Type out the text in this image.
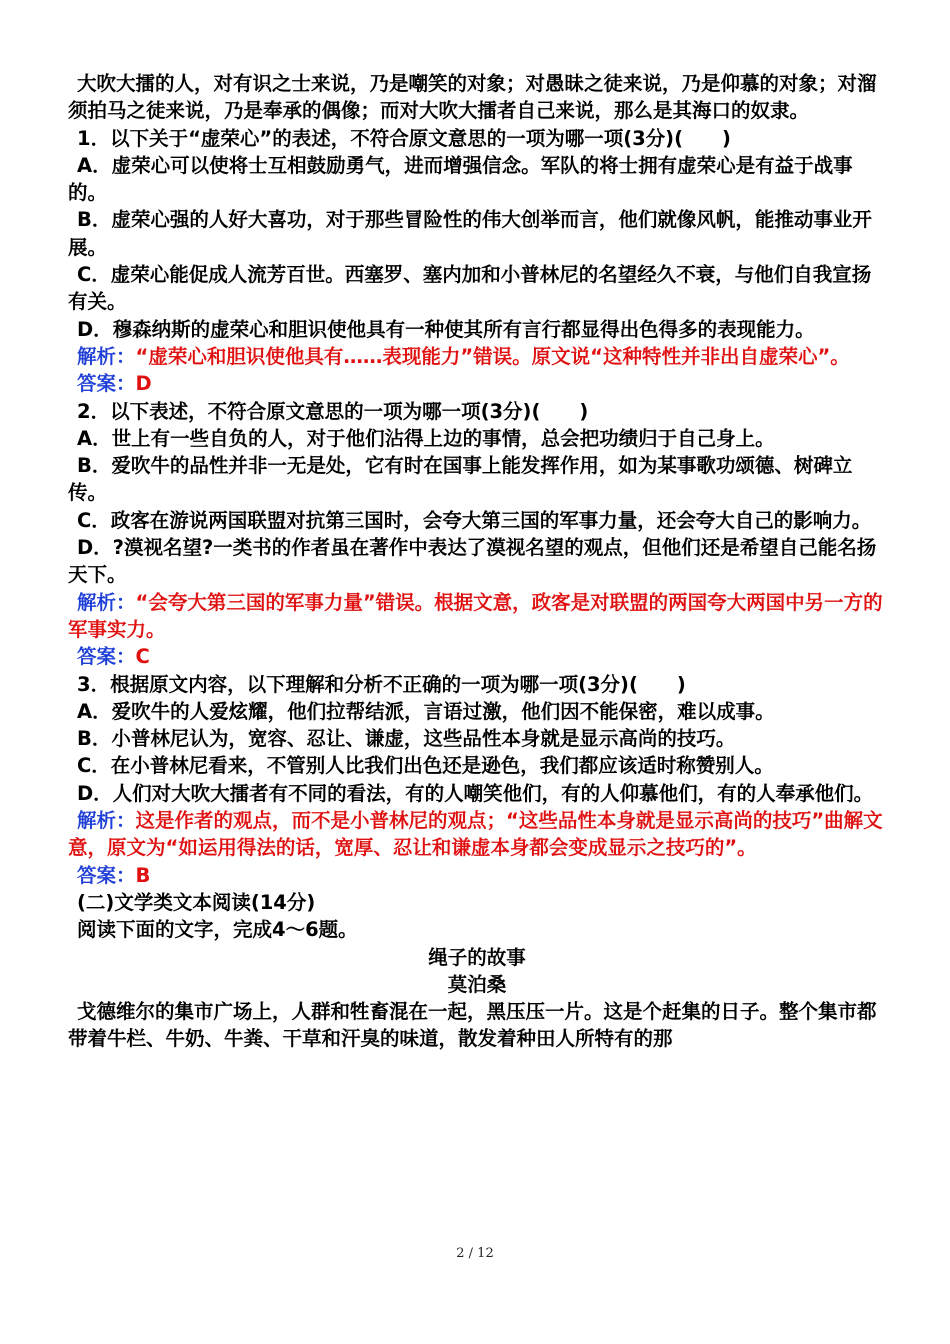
大吹大擂的人，对有识之士来说，乃是嘲笑的对象；对愚昧之徒来说，乃是仰慕的对象；对溜须拍马之徒来说，乃是奉承的偶像；而对大吹大擂者自己来说，那么是其海口的奴隶。

1．以下关于“虚荣心”的表述，不符合原文意思的一项为哪一项(3分)(　　)

A．虚荣心可以使将士互相鼓励勇气，进而增强信念。军队的将士拥有虚荣心是有益于战事的。

B．虚荣心强的人好大喜功，对于那些冒险性的伟大创举而言，他们就像风帆，能推动事业开展。

C．虚荣心能促成人流芳百世。西塞罗、塞内加和小普林尼的名望经久不衰，与他们自我宣扬有关。

D．穆森纳斯的虚荣心和胆识使他具有一种使其所有言行都显得出色得多的表现能力。

解析：“虚荣心和胆识使他具有……表现能力”错误。原文说“这种特性并非出自虚荣心”。

答案：D

2．以下表述，不符合原文意思的一项为哪一项(3分)(　　)

A．世上有一些自负的人，对于他们沾得上边的事情，总会把功绩归于自己身上。

B．爱吹牛的品性并非一无是处，它有时在国事上能发挥作用，如为某事歌功颂德、树碑立传。

C．政客在游说两国联盟对抗第三国时，会夸大第三国的军事力量，还会夸大自己的影响力。

D．?漠视名望?一类书的作者虽在著作中表达了漠视名望的观点，但他们还是希望自己能名扬天下。

解析：“会夸大第三国的军事力量”错误。根据文意，政客是对联盟的两国夸大两国中另一方的军事实力。

答案：C

3．根据原文内容，以下理解和分析不正确的一项为哪一项(3分)(　　)

A．爱吹牛的人爱炫耀，他们拉帮结派，言语过激，他们因不能保密，难以成事。

B．小普林尼认为，宽容、忍让、谦虚，这些品性本身就是显示高尚的技巧。

C．在小普林尼看来，不管别人比我们出色还是逊色，我们都应该适时称赞别人。

D．人们对大吹大擂者有不同的看法，有的人嘲笑他们，有的人仰慕他们，有的人奉承他们。

解析：这是作者的观点，而不是小普林尼的观点；“这些品性本身就是显示高尚的技巧”曲解文意，原文为“如运用得法的话，宽厚、忍让和谦虚本身都会变成显示之技巧的”。

答案：B

(二)文学类文本阅读(14分)

阅读下面的文字，完成4～6题。

绳子的故事

莫泊桑

戈德维尔的集市广场上，人群和牲畜混在一起，黑压压一片。这是个赶集的日子。整个集市都带着牛栏、牛奶、牛粪、干草和汗臭的味道，散发着种田人所特有的那

2 / 12
